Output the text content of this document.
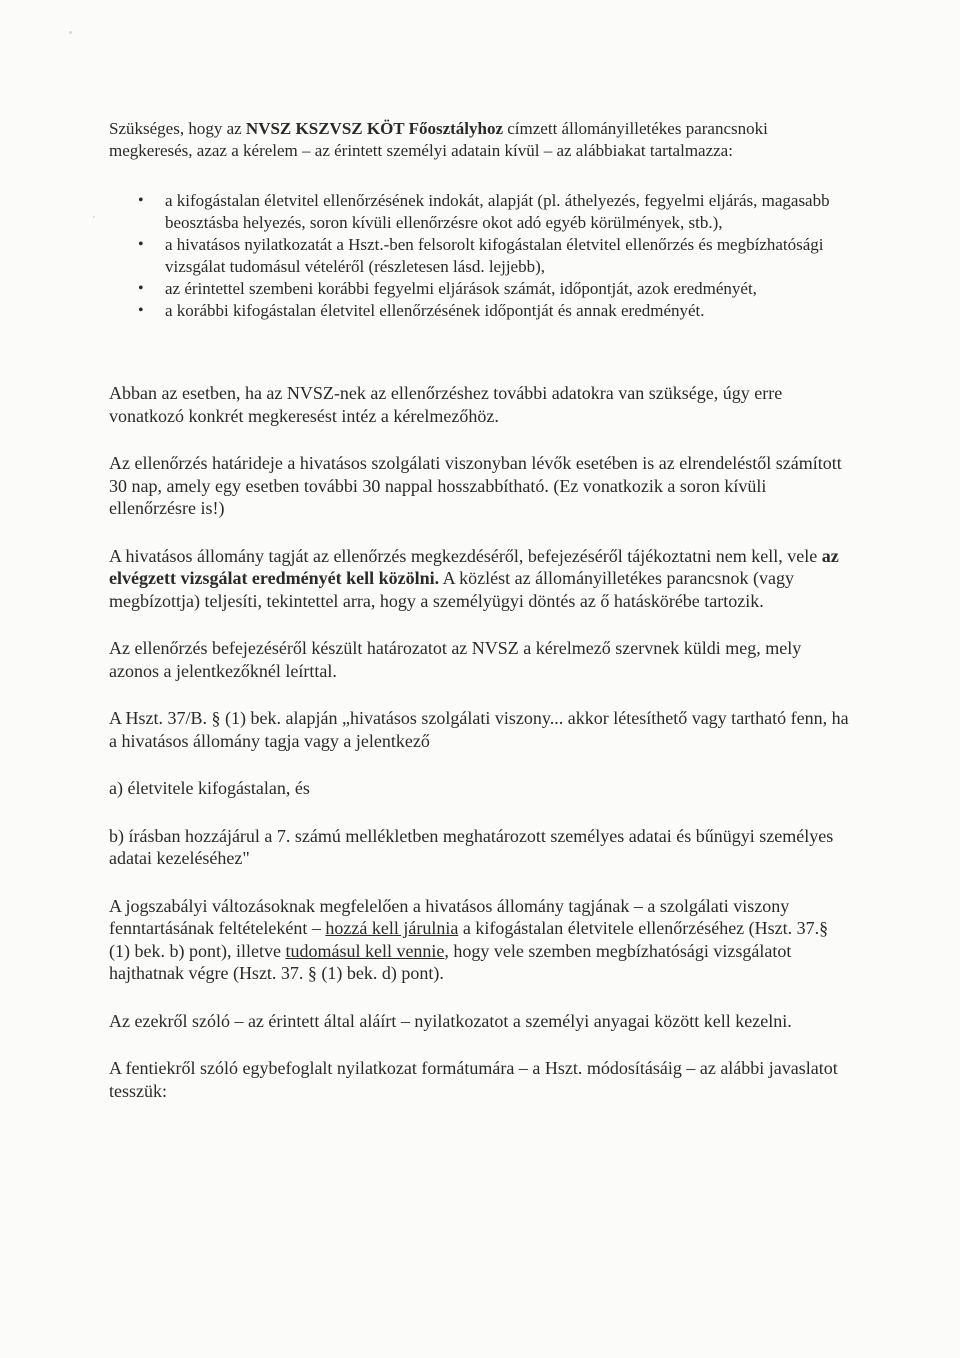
Szükséges, hogy az NVSZ KSZVSZ KÖT Főosztályhoz címzett állományilletékes parancsnoki megkeresés, azaz a kérelem – az érintett személyi adatain kívül – az alábbiakat tartalmazza:

• a kifogástalan életvitel ellenőrzésének indokát, alapját (pl. áthelyezés, fegyelmi eljárás, magasabb beosztásba helyezés, soron kívüli ellenőrzésre okot adó egyéb körülmények, stb.),
• a hivatásos nyilatkozatát a Hszt.-ben felsorolt kifogástalan életvitel ellenőrzés és megbízhatósági vizsgálat tudomásul vételéről (részletesen lásd. lejjebb),
• az érintettel szembeni korábbi fegyelmi eljárások számát, időpontját, azok eredményét,
• a korábbi kifogástalan életvitel ellenőrzésének időpontját és annak eredményét.

Abban az esetben, ha az NVSZ-nek az ellenőrzéshez további adatokra van szüksége, úgy erre vonatkozó konkrét megkeresést intéz a kérelmezőhöz.

Az ellenőrzés határideje a hivatásos szolgálati viszonyban lévők esetében is az elrendeléstől számított 30 nap, amely egy esetben további 30 nappal hosszabbítható. (Ez vonatkozik a soron kívüli ellenőrzésre is!)

A hivatásos állomány tagját az ellenőrzés megkezdéséről, befejezéséről tájékoztatni nem kell, vele az elvégzett vizsgálat eredményét kell közölni. A közlést az állományilletékes parancsnok (vagy megbízottja) teljesíti, tekintettel arra, hogy a személyügyi döntés az ő hatáskörébe tartozik.

Az ellenőrzés befejezéséről készült határozatot az NVSZ a kérelmező szervnek küldi meg, mely azonos a jelentkezőknél leírttal.

A Hszt. 37/B. § (1) bek. alapján „hivatásos szolgálati viszony... akkor létesíthető vagy tartható fenn, ha a hivatásos állomány tagja vagy a jelentkező

a) életvitele kifogástalan, és

b) írásban hozzájárul a 7. számú mellékletben meghatározott személyes adatai és bűnügyi személyes adatai kezeléséhez"

A jogszabályi változásoknak megfelelően a hivatásos állomány tagjának – a szolgálati viszony fenntartásának feltételeként – hozzá kell járulnia a kifogástalan életvitele ellenőrzéséhez (Hszt. 37.§ (1) bek. b) pont), illetve tudomásul kell vennie, hogy vele szemben megbízhatósági vizsgálatot hajthatnak végre (Hszt. 37. § (1) bek. d) pont).

Az ezekről szóló – az érintett által aláírt – nyilatkozatot a személyi anyagai között kell kezelni.

A fentiekről szóló egybefoglalt nyilatkozat formátumára – a Hszt. módosításáig – az alábbi javaslatot tesszük:
